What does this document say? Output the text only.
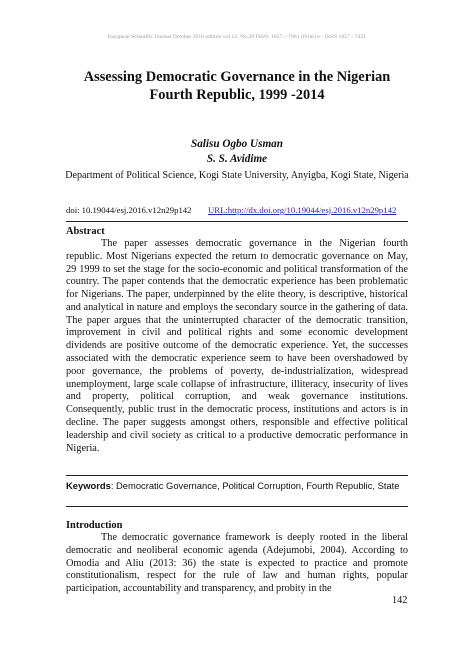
European Scientific Journal October 2016 edition vol.12, No.29 ISSN: 1857 – 7881 (Print) e - ISSN 1857 - 7431
Assessing Democratic Governance in the Nigerian
Fourth Republic, 1999 -2014
Salisu Ogbo Usman
S. S. Avidime
Department of Political Science, Kogi State University, Anyigba, Kogi State, Nigeria
doi: 10.19044/esj.2016.v12n29p142 URL:http://dx.doi.org/10.19044/esj.2016.v12n29p142
Abstract

The paper assesses democratic governance in the Nigerian fourth republic. Most Nigerians expected the return to democratic governance on May, 29 1999 to set the stage for the socio-economic and political transformation of the country. The paper contends that the democratic experience has been problematic for Nigerians. The paper, underpinned by the elite theory, is descriptive, historical and analytical in nature and employs the secondary source in the gathering of data. The paper argues that the uninterrupted character of the democratic transition, improvement in civil and political rights and some economic development dividends are positive outcome of the democratic experience. Yet, the successes associated with the democratic experience seem to have been overshadowed by poor governance, the problems of poverty, de-industrialization, widespread unemployment, large scale collapse of infrastructure, illiteracy, insecurity of lives and property, political corruption, and weak governance institutions. Consequently, public trust in the democratic process, institutions and actors is in decline. The paper suggests amongst others, responsible and effective political leadership and civil society as critical to a productive democratic performance in Nigeria.

Keywords: Democratic Governance, Political Corruption, Fourth Republic, State
Introduction

The democratic governance framework is deeply rooted in the liberal democratic and neoliberal economic agenda (Adejumobi, 2004). According to Omodia and Aliu (2013: 36) the state is expected to practice and promote constitutionalism, respect for the rule of law and human rights, popular participation, accountability and transparency, and probity in the

142
